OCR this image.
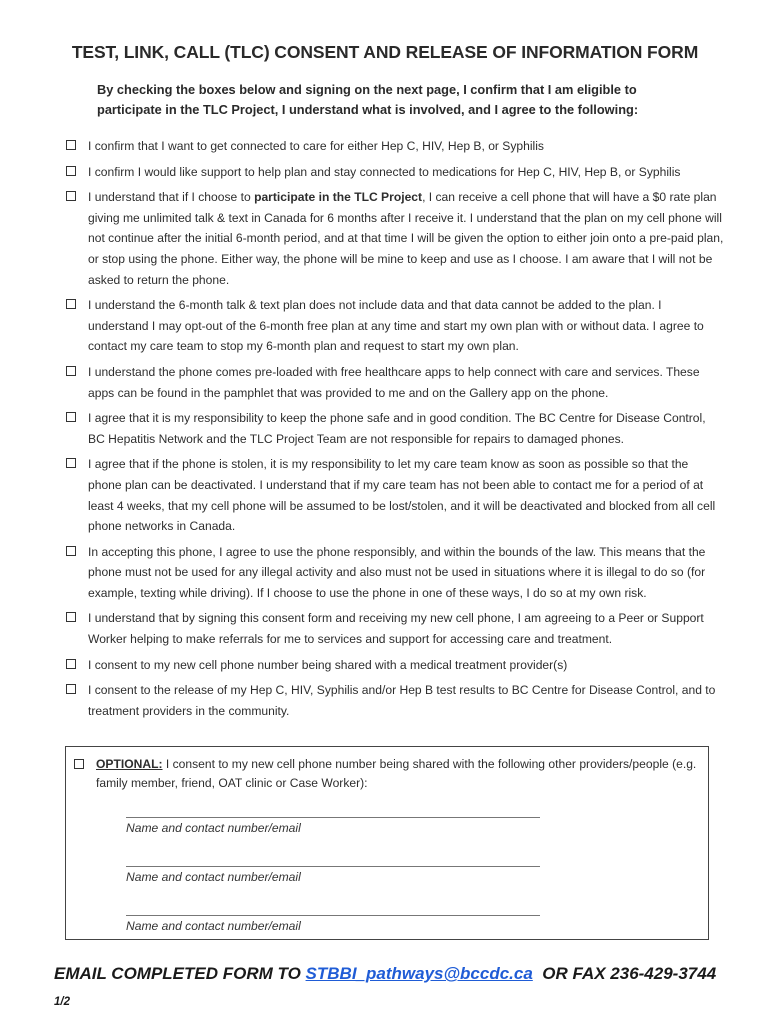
TEST, LINK, CALL (TLC) CONSENT AND RELEASE OF INFORMATION FORM
By checking the boxes below and signing on the next page, I confirm that I am eligible to participate in the TLC Project, I understand what is involved, and I agree to the following:
I confirm that I want to get connected to care for either Hep C, HIV, Hep B, or Syphilis
I confirm I would like support to help plan and stay connected to medications for Hep C, HIV, Hep B, or Syphilis
I understand that if I choose to participate in the TLC Project, I can receive a cell phone that will have a $0 rate plan giving me unlimited talk & text in Canada for 6 months after I receive it. I understand that the plan on my cell phone will not continue after the initial 6-month period, and at that time I will be given the option to either join onto a pre-paid plan, or stop using the phone. Either way, the phone will be mine to keep and use as I choose. I am aware that I will not be asked to return the phone.
I understand the 6-month talk & text plan does not include data and that data cannot be added to the plan. I understand I may opt-out of the 6-month free plan at any time and start my own plan with or without data. I agree to contact my care team to stop my 6-month plan and request to start my own plan.
I understand the phone comes pre-loaded with free healthcare apps to help connect with care and services. These apps can be found in the pamphlet that was provided to me and on the Gallery app on the phone.
I agree that it is my responsibility to keep the phone safe and in good condition. The BC Centre for Disease Control, BC Hepatitis Network and the TLC Project Team are not responsible for repairs to damaged phones.
I agree that if the phone is stolen, it is my responsibility to let my care team know as soon as possible so that the phone plan can be deactivated. I understand that if my care team has not been able to contact me for a period of at least 4 weeks, that my cell phone will be assumed to be lost/stolen, and it will be deactivated and blocked from all cell phone networks in Canada.
In accepting this phone, I agree to use the phone responsibly, and within the bounds of the law. This means that the phone must not be used for any illegal activity and also must not be used in situations where it is illegal to do so (for example, texting while driving). If I choose to use the phone in one of these ways, I do so at my own risk.
I understand that by signing this consent form and receiving my new cell phone, I am agreeing to a Peer or Support Worker helping to make referrals for me to services and support for accessing care and treatment.
I consent to my new cell phone number being shared with a medical treatment provider(s)
I consent to the release of my Hep C, HIV, Syphilis and/or Hep B test results to BC Centre for Disease Control, and to treatment providers in the community.
OPTIONAL: I consent to my new cell phone number being shared with the following other providers/people (e.g. family member, friend, OAT clinic or Case Worker):
Name and contact number/email
Name and contact number/email
Name and contact number/email
EMAIL COMPLETED FORM TO STBBI_pathways@bccdc.ca  OR FAX 236-429-3744
1/2
